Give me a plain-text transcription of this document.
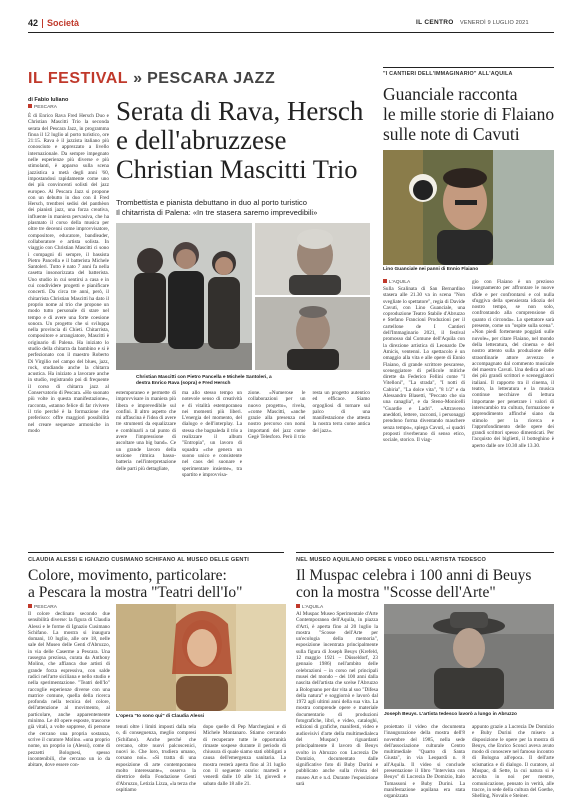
42 Società	IL CENTRO VENERDÌ 9 LUGLIO 2021
IL FESTIVAL » PESCARA JAZZ
di Fabio Iuliano
PESCARA Serata di Rava, Hersch
e dell'abruzzese
Christian Mascitti Trio
Trombettista e pianista debuttano in duo al porto turistico
Il chitarrista di Palena: «In tre stasera saremo imprevedibili»

È di Enrico Rava Fred Hersch Duo e Christian Mascitti Trio la seconda serata del Pescara Jazz, in programma finoa il 12 luglio al porto turistico, ore 21:15. Rava è il jazzista italiano più conosciuto e apprezzato a livello internazionale. Da sempre impegnato nelle esperienze più diverse e più stimolanti, è apparso sulla scena jazzistica a metà degli anni '60, impostandosi rapidamente come uno dei più convincenti solisti del jazz europeo. Al Pescara Jazz si propone con un debutto in duo con il Fred Hersch, trentbrei sedisi del panthèon dei pianisti jazz, una forza creativa, influente in maniera pervasiva, che ha plasmato il corso della musica per oltre tre decenni come improvvisatore, compositore, educatore, bandleader, collaboratore e artista solista. In viaggio con Christian Mascitti ci sono i compagni di sempre, il bassista Pietro Pancella e il batterista Michele Santoleri. Tutto è nato 7 anni fa nella casetta insonorizzata del batterista. Uno studio in cui sentirsi a casa e in cui condividere progetti e pianificare concerti. Da circa tre anni, però, il chitarrista Christian Mascitti ha dato il proprio nome al trio che propone un modo tutto personale di stare nel tempo e di avere una forte coesione sonora. Un progetto che si sviluppa nella provincia di Chieti. Chitarrista, compositore e arrangiatore, Mascitti è originario di Palena. Ha iniziato lo studio della chitarra da bambino e si è perfezionato con il maestro Roberto Di Virgilio nel campo del blues, jazz, rock, studiando anche la chitarra acustica. Ha iniziato a lavorare anche in studio, registrando poi di frequente il corso di chitarra jazz al Conservatorio di Pescara. «Ho suonato più volte in questa manifestazione», racconta, «stanno felice di far rivivere il trio perché è la formazione che preferisco: offre maggiori possibilità nel creare sequenze armoniche in modo

Christian Mascitti con Pietro Pancella e Michele Santoleri, a destra Enrico Rava (sopra) e Fred Hersch

estemporaneo e permette di improvvisare in maniera più libera e imprevedibile sul confini. Il altro aspetto che mi affascina è l'idea di avere tre strumenti da equalizzare e combinarli a tal punto di avere l'impressione di ascoltare una big band». Ce un grande lavoro della sezione ritmica basso-batteria nell'interpretazione delle parti più dettagliate,

ma allo stesso tempo un notevole senso di creatività e di vitalità estemporanea nei momenti più liberi. L'energia del momento, del dialogo e dell'interplay. La stessa che bagnaleda il trio a realizzare il album "Entropia", un lavoro di squadra «che genera un suono unico e consistente nel caos del suonare e sperimentare insieme», tra spartito e improvvisa-

zione. «Numerose le collaborazioni per un nuovo progetto», rivela, «come Mascitti, «anche grazie alla presenza nel nostro percorso con nomi importanti del jazz come Gegè Telesforo. Però il trio resta un progetto autentico ed efficace. Siamo orgogliosi di tornare sul palco di una manifestazione che attesta la nostra terra come antica del jazz».

"I CANTIERI DELL'IMMAGINARIO" ALL'AQUILA
Guanciale racconta
le mille storie di Flaiano
sulle note di Cavuti
Lino Guanciale nei panni di Ennio Flaiano
L'AQUILA

Sulla Scalinata di San Bernardino stasera alle 21.30 va in scena "Non svegliate lo spettatore", regia di Davide Cavuti, con Lino Guanciale, una coproduzione Teatro Stabile d'Abruzzo e Stefano Francioni Produzioni per il cartellone de I Cantieri dell'Immaginario 2021, il festival promosso dal Comune dell'Aquila con la direzione artistica di Leonardo De Amicis, ventenni. Lo spettacolo è un omaggio alla vita e alle opere di Ennio Flaiano, di grande scrittore pescarese, sceneggiatore di pellicole mitiche dirette da Federico Fellini come "I Vitelloni", "La strada", "I notti di Cabiria", "La dolce vita", "8 1/2" e da Alessandro Blasetti, "Peccato che sia una canaglia", e da Steno-Monicelli "Guardie e Ladri". «Attraverso aneddoti, lettere, racconti, i personaggi prendono forma diventando maschere senza tempo», spiega Cavuti, «i quadri proposti riverberano di senso etico, sociale, storico. Il viag-

gio con Flaiano è un prezioso insegnamento per affrontare le nuove sfide e per confrontarsi e col nulla sfuggiva della spensierata idiozia del nostro tempo, se non solo, confrontando alla comprensione di quanto ci circonda». Lo spettatore sarà presente, come un "ospite sulla scena". «Non piedi fortemente poggiati sulle nuvole», per citare Flaiano, nel mondo della letteratura, del cinema e del nostro attento sulla produzione delle straordinarie attore avvezzo e accompagnato dal commento musicale del maestro Cavuti. Una dedica ad uno dei più grandi scrittori e sceneggiatori italiani. Il rapporto tra il cinema, il teatro, la letteratura e la musica continue necchiave di lettura importante per penetrare i valori di interscambio tra cultura, formazione e apprendimento affinché siano da stimolo per la ricerca e l'approfondimento delle opere dei grandi scrittori spesso dimenticati. Per l'acquisto dei biglietti, il botteghino è aperto dalle ore 10.30 alle 13.30.

CLAUDIA ALESSI E IGNAZIO CUSIMANO SCHIFANO AL MUSEO DELLE GENTI
Colore, movimento, particolare:
a Pescara la mostra "Teatri dell'Io"
PESCARA

Il colore declinato secondo due sensibilità diverse: la figura di Claudia Alessi e le forme di Ignazio Cusimano Schifano. La mostra si inaugura domani, 10 luglio, alle ore 18, nelle sale del Museo delle Genti d'Abruzzo, in via delle Caserme a Pescara. Una rassegna preziosa, curata da Anthony Molino, che affianca due artisti di grande forza espressiva, con salde radici nell'arte siciliana e nello studio e nella sperimentazione. "Teatri dell'Io" raccoglie esperienze diverse con una matrice comune, quella della ricerca profonda nella tecnica del colore, dell'attenzione al movimento, al particolare, anche apparentemente minimo. Le 40 opere esposte, trascorse già vitali, a volte sopprese, di persone che cercano una propria sostanza, scrive il curatore Molino. «una proprio nome, un proprio io (Alessi), come di pezzetti Bolognesi, spesso incontenibili, che cercano un io da abitare, dove essere con-

L'opera "Io sono qui" di Claudia Alessi

tenuti oltre i limiti imposti dalla tela o, di conseguenza, meglio compresi (Schifano). Anche perché che cercano, oltre nuovi palcoscenici, nuovi io. Che loro, trudiera umano, corsano noi». «Si tratta di una esposizione di arte contemporanea molto interessante», osserva la direttrice della Fondazione Genti d'Abruzzo, Letizia Lizza, «la terza che ospitiamo

dopo quelle di Pep Marchegiani e di Michele Montanaro. Stiamo cercando di recuperare tutte le opportunità rimaste sospese durante il periodo di chiusura di quale siamo stati obbligati a causa dell'emergenza sanitaria. La mostra resterà aperta fino al 31 luglio con il seguente orario: martedì e venerdì dalle 10 alle 14, giovedì e sabato dalle 18 alle 21.

NEL MUSEO AQUILANO OPERE E VIDEO DELL'ARTISTA TEDESCO
Il Muspac celebra i 100 anni di Beuys
con la mostra "Scosse dell'Arte"
L'AQUILA

Al Muspac Museo Sperimentale d'Arte Contemporanea dell'Aquila, in piazza d'Arti, è aperta fino al 20 luglio la mostra "Scosse dell'Arte per un'ecologia della memoria", esposizione incentrata principalmente sulla figura di Joseph Beuys (Krefeld, 12 maggio 1921 – Düsseldorf, 23 gennaio 1986) nell'ambito delle celebrazioni – in corso nel principali musei del mondo – dei 100 anni dalla nascita dell'artista che scelse l'Abruzzo a Bolognano per dar vita al suo "Difesa della natura" e soggiornò e lavorò dal 1972 agli ultimi anni della sua vita. La mostra comprende opere e materiale documentario di produzioni fotografiche, libri, e video, cataloghi, edizioni di grafiche, manifesti, video e audiovisivi d'arte della multimedialeca del Muspac) riguardanti principalmente il lavoro di Beuys svolto in Abruzzo con Lucrezia De Domizio, documentato dalle significative foto di Buby Durini e pubblicato anche sulla rivista del museo Art e n.d. Durante l'esposizione sarà

Joseph Beuys. L'artista tedesco lavorò a lungo in Abruzzo

proiettato il video che documenta l'inaugurazione della mostra dell'8 novembre del 1985, nella sede dell'associazione culturale Centro multimediale "Quarto di Santa Giusta", in via Leopardi n. 8 all'Aquila. Il video si conclude presentazione il libro "Intervista con Beuys" di Lucrezia De Domizio, Italo Tomassoni e Buby Durini. La manifestazione aquilana era stata organizzata

appunto grazie a Lucrezia De Domizio e Buby Durini che misero a disposizione le opere per la mostra di Beuys, che Enrico Sconci aveva avuto modo di conoscere nel famoso incontro di Bologna all'epoca. Il dell'arte scismatica e di dialogo. Il curatore, al Muspac, di Sette, la cui natura si è accolta in noi per mentre, comunicazione, pensato in verità, alle tracce, in sede della cultura del Goethe, Shelling, Novalis e Steiner.
